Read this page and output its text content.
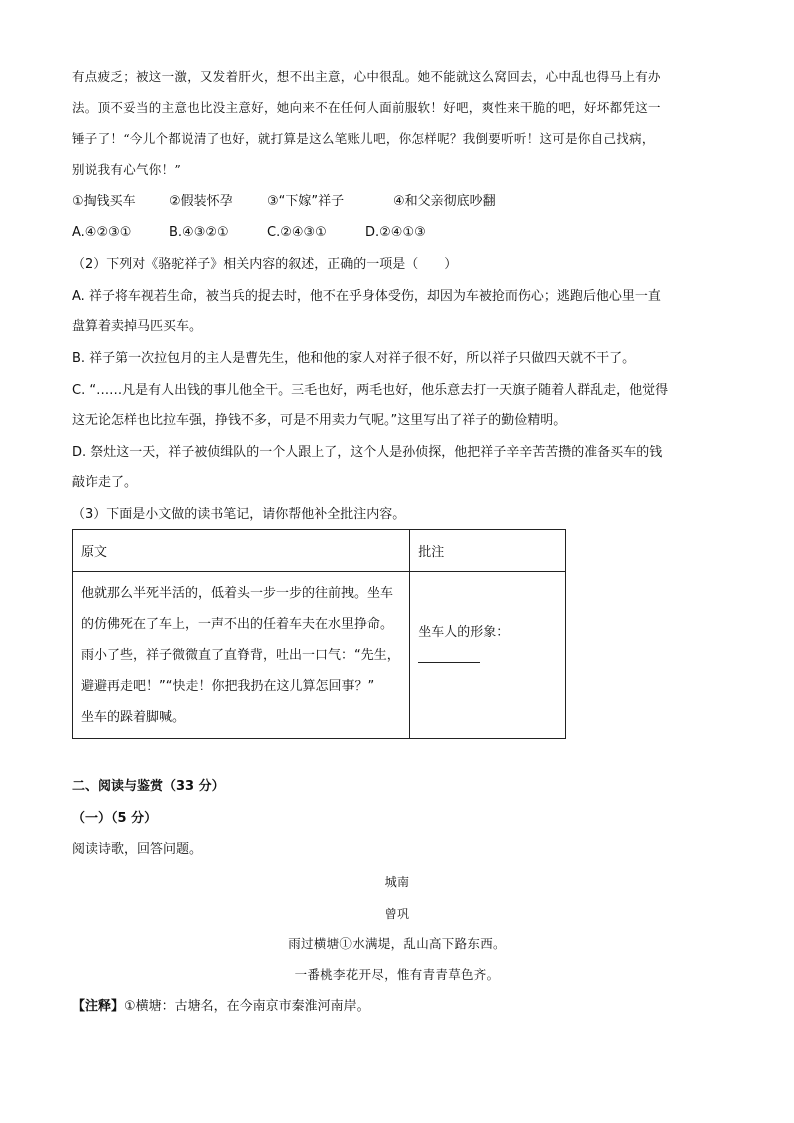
有点疲乏；被这一激，又发着肝火，想不出主意，心中很乱。她不能就这么窝回去，心中乱也得马上有办
法。顶不妥当的主意也比没主意好，她向来不在任何人面前服软！好吧，爽性来干脆的吧，好坏都凭这一
锤子了！“今儿个都说清了也好，就打算是这么笔账儿吧，你怎样呢？我倒要听听！这可是你自己找病，
别说我有心气你！”
①掏钱买车	②假装怀孕	③“下嫁”祥子	④和父亲彻底吵翻
A.④②③①	B.④③②①	C.②④③①	D.②④①③
（2）下列对《骆驼祥子》相关内容的叙述，正确的一项是（　　）
A. 祥子将车视若生命，被当兵的捉去时，他不在乎身体受伤，却因为车被抢而伤心；逃跑后他心里一直
盘算着卖掉马匹买车。
B. 祥子第一次拉包月的主人是曹先生，他和他的家人对祥子很不好，所以祥子只做四天就不干了。
C. “……凡是有人出钱的事儿他全干。三毛也好，两毛也好，他乐意去打一天旗子随着人群乱走，他觉得
这无论怎样也比拉车强，挣钱不多，可是不用卖力气呢。”这里写出了祥子的勤俭精明。
D. 祭灶这一天，祥子被侦缉队的一个人跟上了，这个人是孙侦探，他把祥子辛辛苦苦攒的准备买车的钱
敲诈走了。
（3）下面是小文做的读书笔记，请你帮他补全批注内容。
原文	批注

他就那么半死半活的，低着头一步一步的往前拽。坐车
的仿佛死在了车上，一声不出的任着车夫在水里挣命。
雨小了些，祥子微微直了直脊背，吐出一口气：“先生，
避避再走吧！”“快走！你把我扔在这儿算怎回事？”
坐车的跺着脚喊。	坐车人的形象：
二、阅读与鉴赏（33 分）
（一）（5 分）
阅读诗歌，回答问题。
城南
曾巩
雨过横塘①水满堤，乱山高下路东西。
一番桃李花开尽，惟有青青草色齐。
【注释】①横塘：古塘名，在今南京市秦淮河南岸。
